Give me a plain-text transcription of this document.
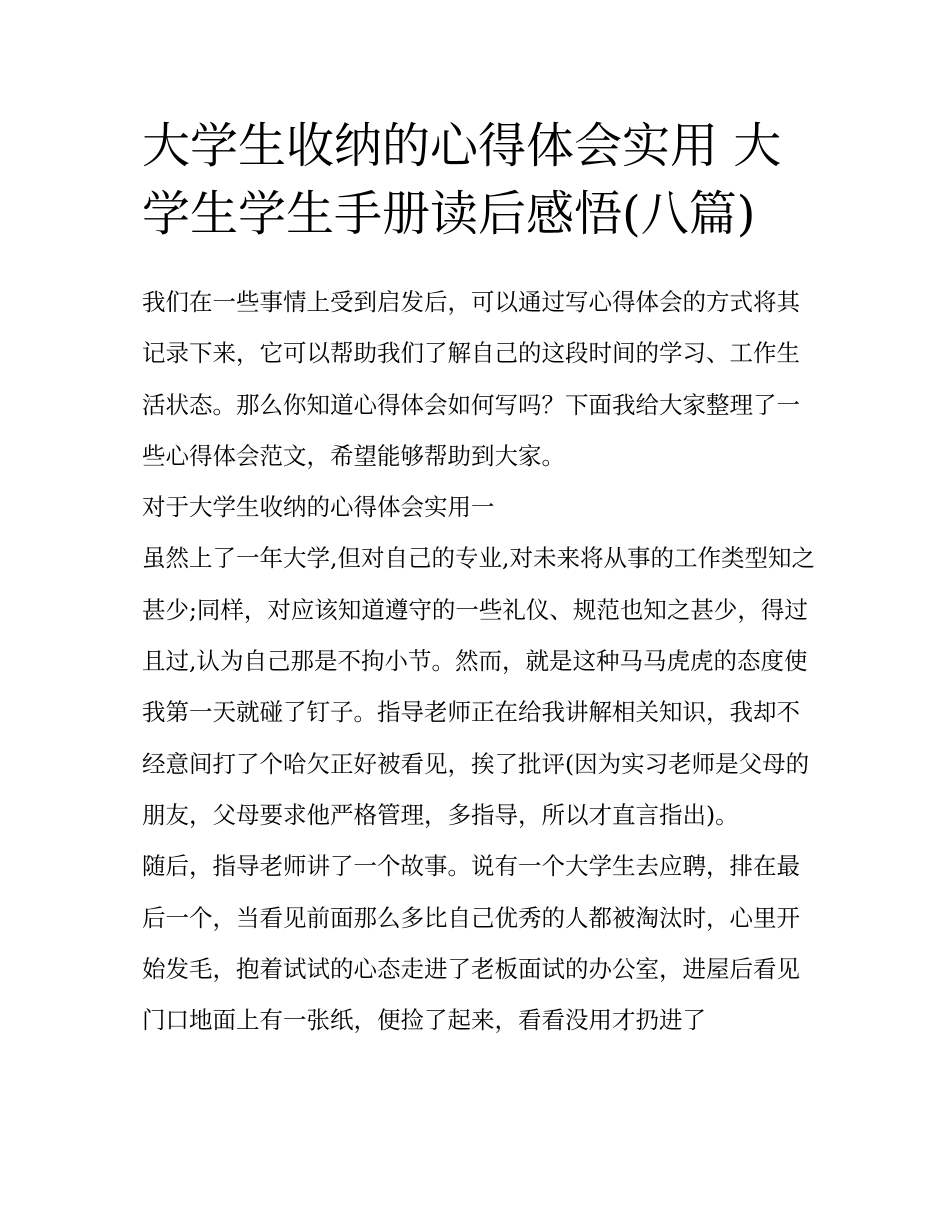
大学生收纳的心得体会实用 大学生学生手册读后感悟(八篇)

我们在一些事情上受到启发后，可以通过写心得体会的方式将其记录下来，它可以帮助我们了解自己的这段时间的学习、工作生活状态。那么你知道心得体会如何写吗？下面我给大家整理了一些心得体会范文，希望能够帮助到大家。

对于大学生收纳的心得体会实用一

虽然上了一年大学,但对自己的专业,对未来将从事的工作类型知之甚少;同样，对应该知道遵守的一些礼仪、规范也知之甚少，得过且过,认为自己那是不拘小节。然而，就是这种马马虎虎的态度使我第一天就碰了钉子。指导老师正在给我讲解相关知识，我却不经意间打了个哈欠正好被看见，挨了批评(因为实习老师是父母的朋友，父母要求他严格管理，多指导，所以才直言指出)。

随后，指导老师讲了一个故事。说有一个大学生去应聘，排在最后一个，当看见前面那么多比自己优秀的人都被淘汰时，心里开始发毛，抱着试试的心态走进了老板面试的办公室，进屋后看见门口地面上有一张纸，便捡了起来，看看没用才扔进了
